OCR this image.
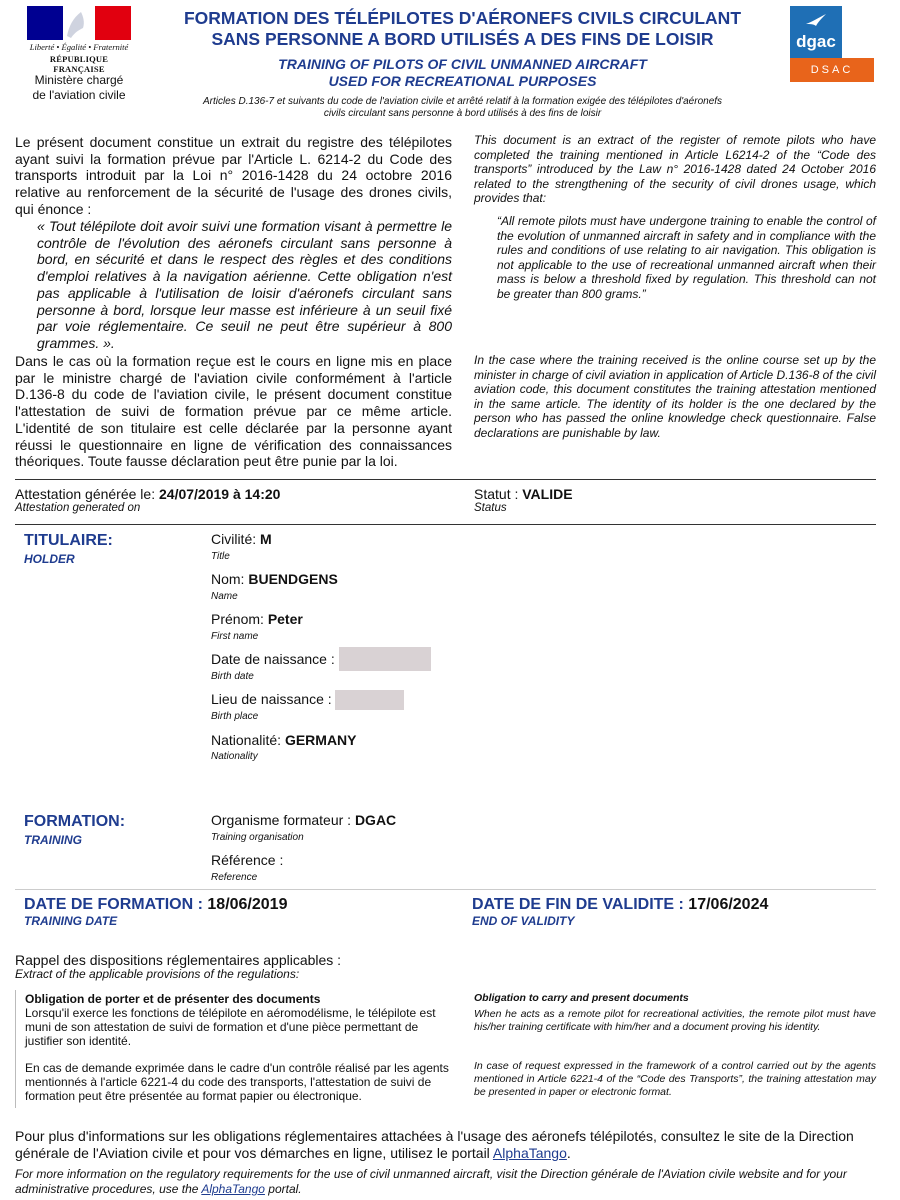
Liberté • Égalité • Fraternité
RÉPUBLIQUE FRANÇAISE
Ministère chargé
de l'aviation civile
FORMATION DES TÉLÉPILOTES D'AÉRONEFS CIVILS CIRCULANT
SANS PERSONNE A BORD UTILISÉS A DES FINS DE LOISIR
TRAINING OF PILOTS OF CIVIL UNMANNED AIRCRAFT
USED FOR RECREATIONAL PURPOSES
Articles D.136-7 et suivants du code de l'aviation civile et arrêté relatif à la formation exigée des télépilotes d'aéronefs
civils circulant sans personne à bord utilisés à des fins de loisir
dgac
DSAC
Le présent document constitue un extrait du registre des télépilotes ayant suivi la formation prévue par l'Article L. 6214-2 du Code des transports introduit par la Loi n° 2016-1428 du 24 octobre 2016 relative au renforcement de la sécurité de l'usage des drones civils, qui énonce :
« Tout télépilote doit avoir suivi une formation visant à permettre le contrôle de l'évolution des aéronefs circulant sans personne à bord, en sécurité et dans le respect des règles et des conditions d'emploi relatives à la navigation aérienne. Cette obligation n'est pas applicable à l'utilisation de loisir d'aéronefs circulant sans personne à bord, lorsque leur masse est inférieure à un seuil fixé par voie réglementaire. Ce seuil ne peut être supérieur à 800 grammes. ».
Dans le cas où la formation reçue est le cours en ligne mis en place par le ministre chargé de l'aviation civile conformément à l'article D.136-8 du code de l'aviation civile, le présent document constitue l'attestation de suivi de formation prévue par ce même article. L'identité de son titulaire est celle déclarée par la personne ayant réussi le questionnaire en ligne de vérification des connaissances théoriques. Toute fausse déclaration peut être punie par la loi.
This document is an extract of the register of remote pilots who have completed the training mentioned in Article L6214-2 of the “Code des transports” introduced by the Law n° 2016-1428 dated 24 October 2016 related to the strengthening of the security of civil drones usage, which provides that:
“All remote pilots must have undergone training to enable the control of the evolution of unmanned aircraft in safety and in compliance with the rules and conditions of use relating to air navigation. This obligation is not applicable to the use of recreational unmanned aircraft when their mass is below a threshold fixed by regulation. This threshold can not be greater than 800 grams.”
In the case where the training received is the online course set up by the minister in charge of civil aviation in application of Article D.136-8 of the civil aviation code, this document constitutes the training attestation mentioned in the same article. The identity of its holder is the one declared by the person who has passed the online knowledge check questionnaire. False declarations are punishable by law.
Attestation générée le: 24/07/2019 à 14:20
Attestation generated on
Statut : VALIDE
Status
TITULAIRE:
HOLDER
Civilité: M
Title
Nom: BUENDGENS
Name
Prénom: Peter
First name
Date de naissance :
Birth date
Lieu de naissance :
Birth place
Nationalité: GERMANY
Nationality
FORMATION:
TRAINING
Organisme formateur : DGAC
Training organisation
Référence :
Reference
DATE DE FORMATION : 18/06/2019
TRAINING DATE
DATE DE FIN DE VALIDITE : 17/06/2024
END OF VALIDITY
Rappel des dispositions réglementaires applicables :
Extract of the applicable provisions of the regulations:
Obligation de porter et de présenter des documents
Lorsqu'il exerce les fonctions de télépilote en aéromodélisme, le télépilote est muni de son attestation de suivi de formation et d'une pièce permettant de justifier son identité.
En cas de demande exprimée dans le cadre d'un contrôle réalisé par les agents mentionnés à l'article 6221-4 du code des transports, l'attestation de suivi de formation peut être présentée au format papier ou électronique.
Obligation to carry and present documents
When he acts as a remote pilot for recreational activities, the remote pilot must have his/her training certificate with him/her and a document proving his identity.
In case of request expressed in the framework of a control carried out by the agents mentioned in Article 6221-4 of the “Code des Transports”, the training attestation may be presented in paper or electronic format.
Pour plus d'informations sur les obligations réglementaires attachées à l'usage des aéronefs télépilotés, consultez le site de la Direction générale de l'Aviation civile et pour vos démarches en ligne, utilisez le portail AlphaTango.
For more information on the regulatory requirements for the use of civil unmanned aircraft, visit the Direction générale de l'Aviation civile website and for your administrative procedures, use the AlphaTango portal.
